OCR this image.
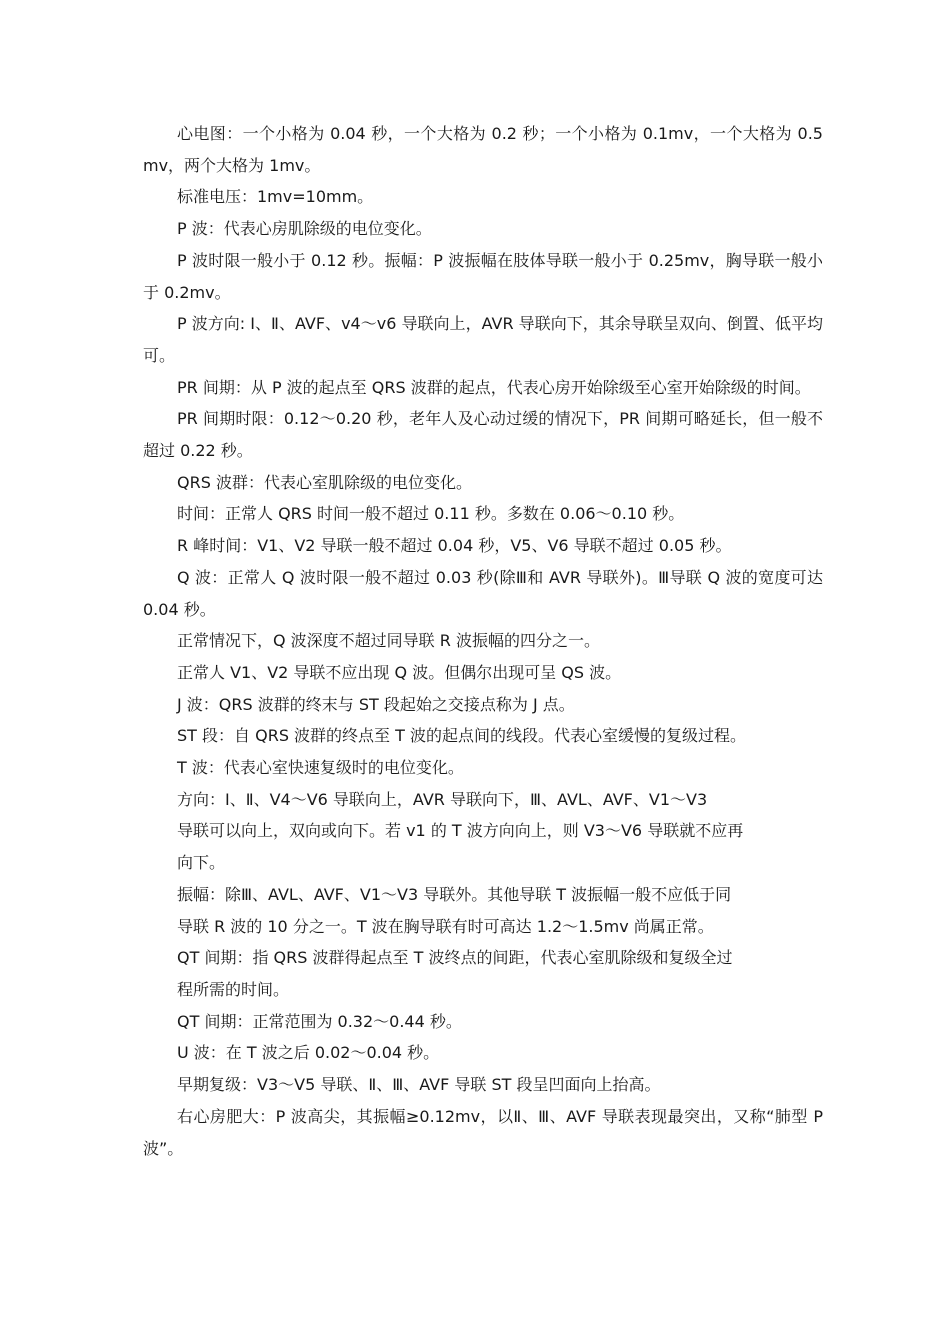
心电图：一个小格为 0.04 秒，一个大格为 0.2 秒；一个小格为 0.1mv，一个大格为 0.5mv，两个大格为 1mv。

标准电压：1mv=10mm。

P 波：代表心房肌除级的电位变化。

P 波时限一般小于 0.12 秒。振幅：P 波振幅在肢体导联一般小于 0.25mv，胸导联一般小于 0.2mv。

P 波方向: Ⅰ、Ⅱ、AVF、v4～v6 导联向上，AVR 导联向下，其余导联呈双向、倒置、低平均可。

PR 间期：从 P 波的起点至 QRS 波群的起点，代表心房开始除级至心室开始除级的时间。

PR 间期时限：0.12～0.20 秒，老年人及心动过缓的情况下，PR 间期可略延长，但一般不超过 0.22 秒。

QRS 波群：代表心室肌除级的电位变化。

时间：正常人 QRS 时间一般不超过 0.11 秒。多数在 0.06～0.10 秒。

R 峰时间：V1、V2 导联一般不超过 0.04 秒，V5、V6 导联不超过 0.05 秒。

Q 波：正常人 Q 波时限一般不超过 0.03 秒(除Ⅲ和 AVR 导联外)。Ⅲ导联 Q 波的宽度可达 0.04 秒。

正常情况下，Q 波深度不超过同导联 R 波振幅的四分之一。

正常人 V1、V2 导联不应出现 Q 波。但偶尔出现可呈 QS 波。

J 波：QRS 波群的终末与 ST 段起始之交接点称为 J 点。

ST 段：自 QRS 波群的终点至 T 波的起点间的线段。代表心室缓慢的复级过程。

T 波：代表心室快速复级时的电位变化。

方向：Ⅰ、Ⅱ、V4～V6 导联向上，AVR 导联向下，Ⅲ、AVL、AVF、V1～V3

导联可以向上，双向或向下。若 v1 的 T 波方向向上，则 V3～V6 导联就不应再

向下。

振幅：除Ⅲ、AVL、AVF、V1～V3 导联外。其他导联 T 波振幅一般不应低于同

导联 R 波的 10 分之一。T 波在胸导联有时可高达 1.2～1.5mv 尚属正常。

QT 间期：指 QRS 波群得起点至 T 波终点的间距，代表心室肌除级和复级全过

程所需的时间。

QT 间期：正常范围为 0.32～0.44 秒。

U 波：在 T 波之后 0.02～0.04 秒。

早期复级：V3～V5 导联、Ⅱ、Ⅲ、AVF 导联 ST 段呈凹面向上抬高。

右心房肥大：P 波高尖，其振幅≥0.12mv，以Ⅱ、Ⅲ、AVF 导联表现最突出，又称“肺型 P 波”。
